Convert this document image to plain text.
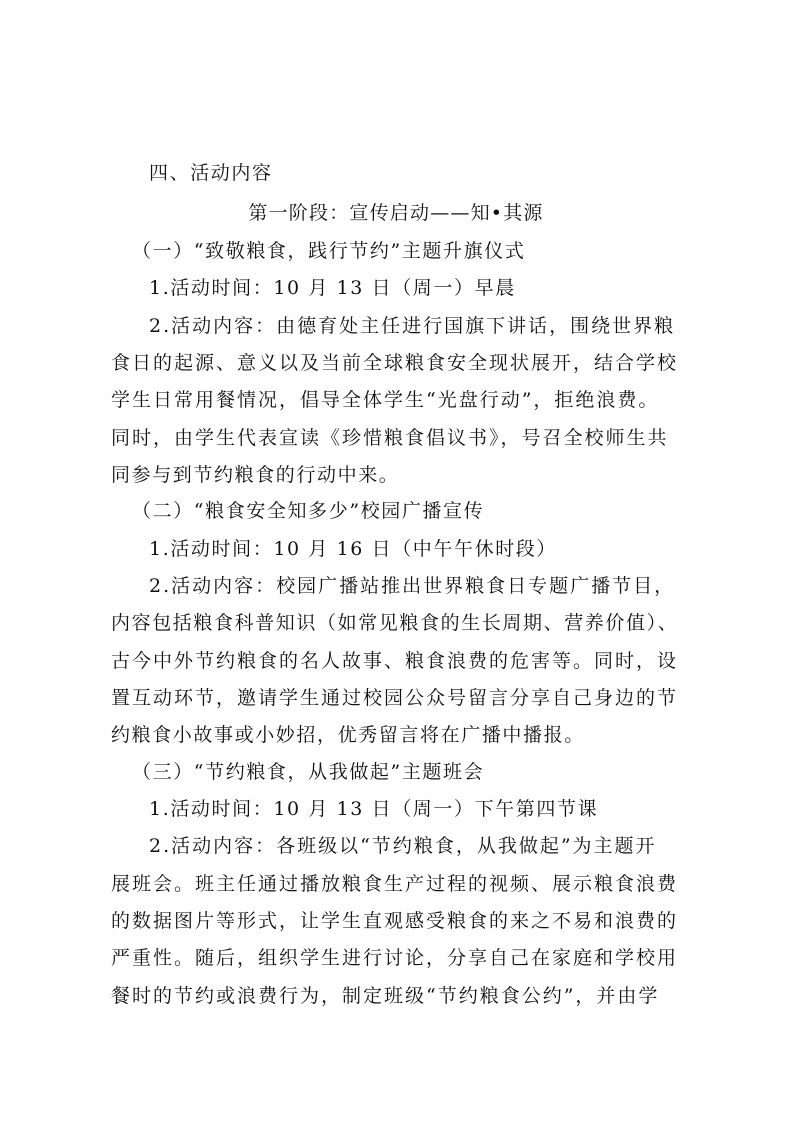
四、活动内容
第一阶段：宣传启动——知•其源
（一）“致敬粮食，践行节约”主题升旗仪式
1.活动时间：10 月 13 日（周一）早晨
2.活动内容：由德育处主任进行国旗下讲话，围绕世界粮
食日的起源、意义以及当前全球粮食安全现状展开，结合学校
学生日常用餐情况，倡导全体学生“光盘行动”，拒绝浪费。
同时，由学生代表宣读《珍惜粮食倡议书》，号召全校师生共
同参与到节约粮食的行动中来。
（二）“粮食安全知多少”校园广播宣传
1.活动时间：10 月 16 日（中午午休时段）
2.活动内容：校园广播站推出世界粮食日专题广播节目，
内容包括粮食科普知识（如常见粮食的生长周期、营养价值）、
古今中外节约粮食的名人故事、粮食浪费的危害等。同时，设
置互动环节，邀请学生通过校园公众号留言分享自己身边的节
约粮食小故事或小妙招，优秀留言将在广播中播报。
（三）“节约粮食，从我做起”主题班会
1.活动时间：10 月 13 日（周一）下午第四节课
2.活动内容：各班级以“节约粮食，从我做起”为主题开
展班会。班主任通过播放粮食生产过程的视频、展示粮食浪费
的数据图片等形式，让学生直观感受粮食的来之不易和浪费的
严重性。随后，组织学生进行讨论，分享自己在家庭和学校用
餐时的节约或浪费行为，制定班级“节约粮食公约”，并由学
